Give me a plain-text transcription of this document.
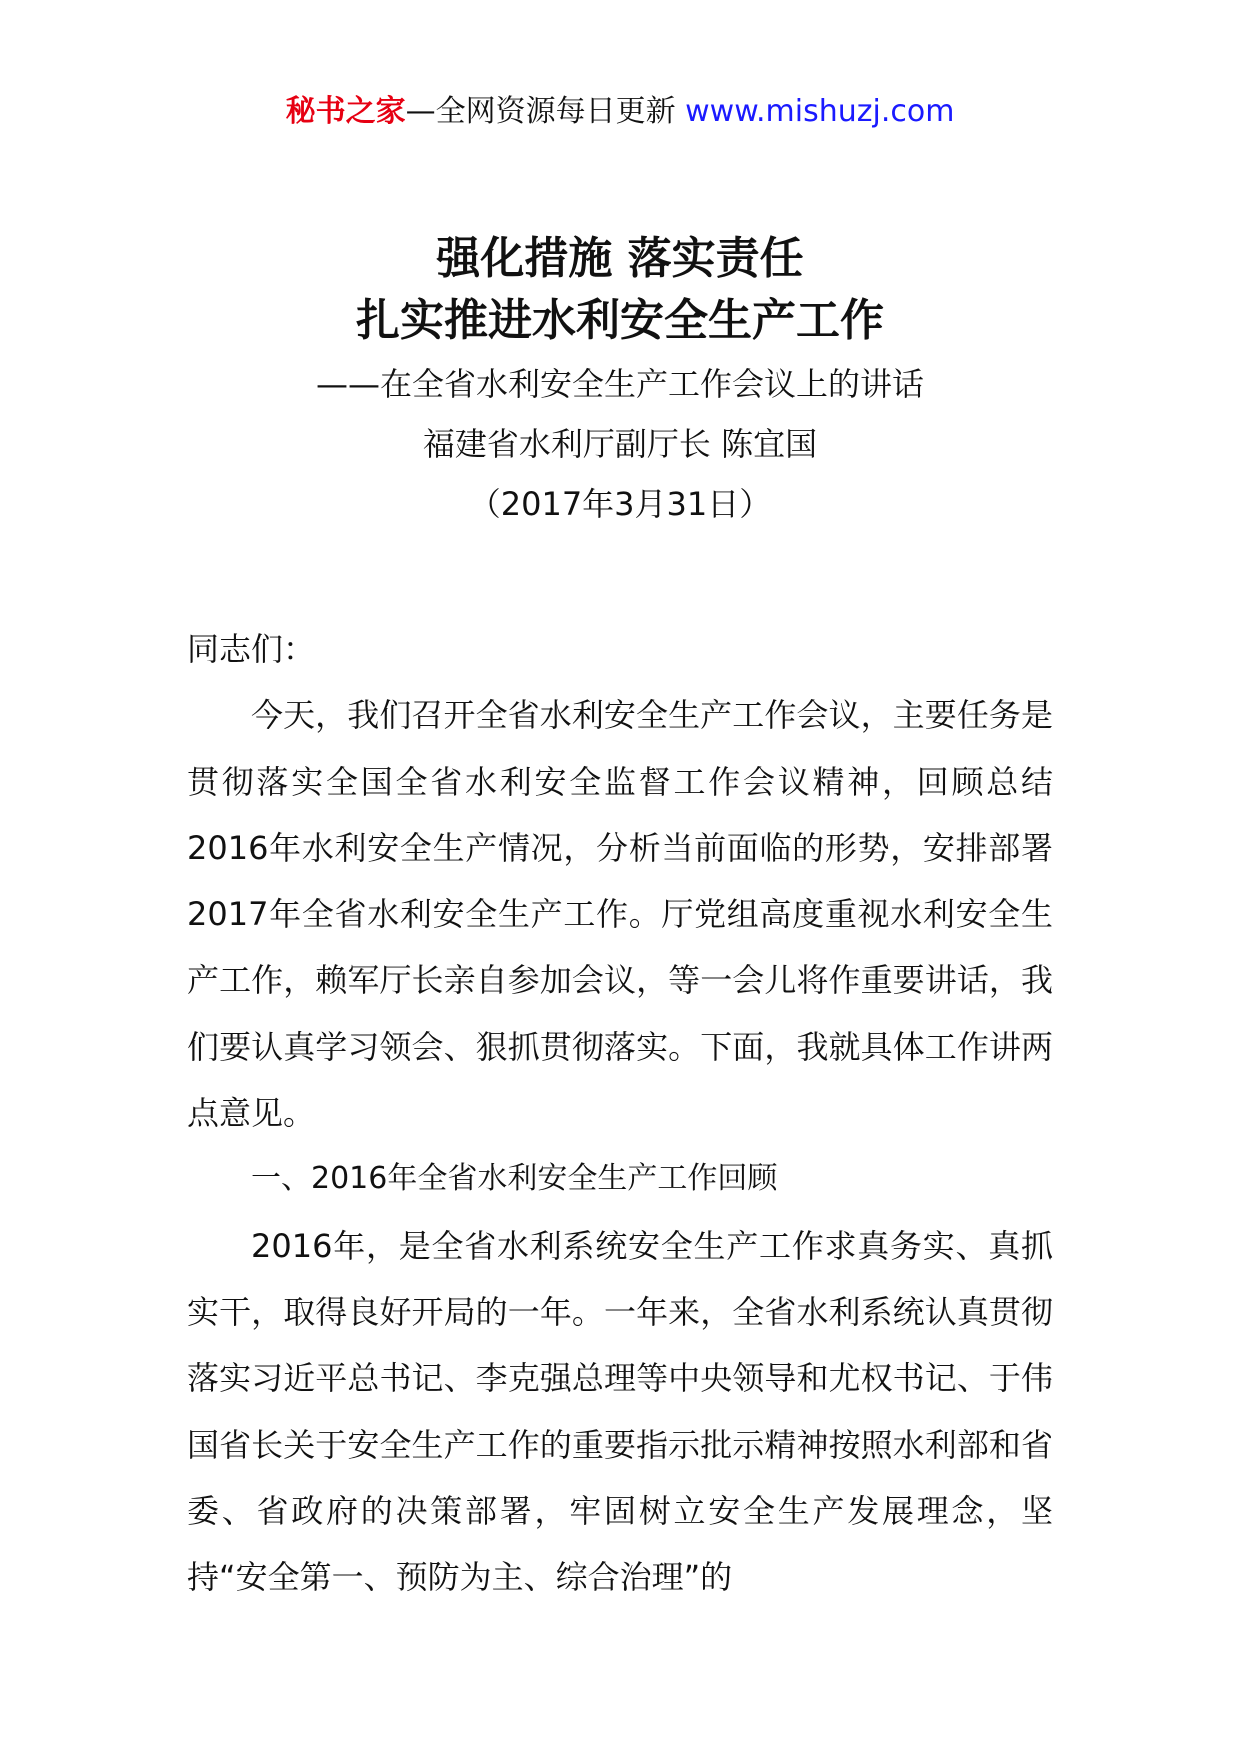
秘书之家—全网资源每日更新 www.mishuzj.com

强化措施 落实责任

扎实推进水利安全生产工作

——在全省水利安全生产工作会议上的讲话

福建省水利厅副厅长 陈宜国

（2017年3月31日）

同志们：

今天，我们召开全省水利安全生产工作会议，主要任务是贯彻落实全国全省水利安全监督工作会议精神，回顾总结2016年水利安全生产情况，分析当前面临的形势，安排部署2017年全省水利安全生产工作。厅党组高度重视水利安全生产工作，赖军厅长亲自参加会议，等一会儿将作重要讲话，我们要认真学习领会、狠抓贯彻落实。下面，我就具体工作讲两点意见。

一、2016年全省水利安全生产工作回顾

2016年，是全省水利系统安全生产工作求真务实、真抓实干，取得良好开局的一年。一年来，全省水利系统认真贯彻落实习近平总书记、李克强总理等中央领导和尤权书记、于伟国省长关于安全生产工作的重要指示批示精神按照水利部和省委、省政府的决策部署，牢固树立安全生产发展理念，坚持“安全第一、预防为主、综合治理”的
